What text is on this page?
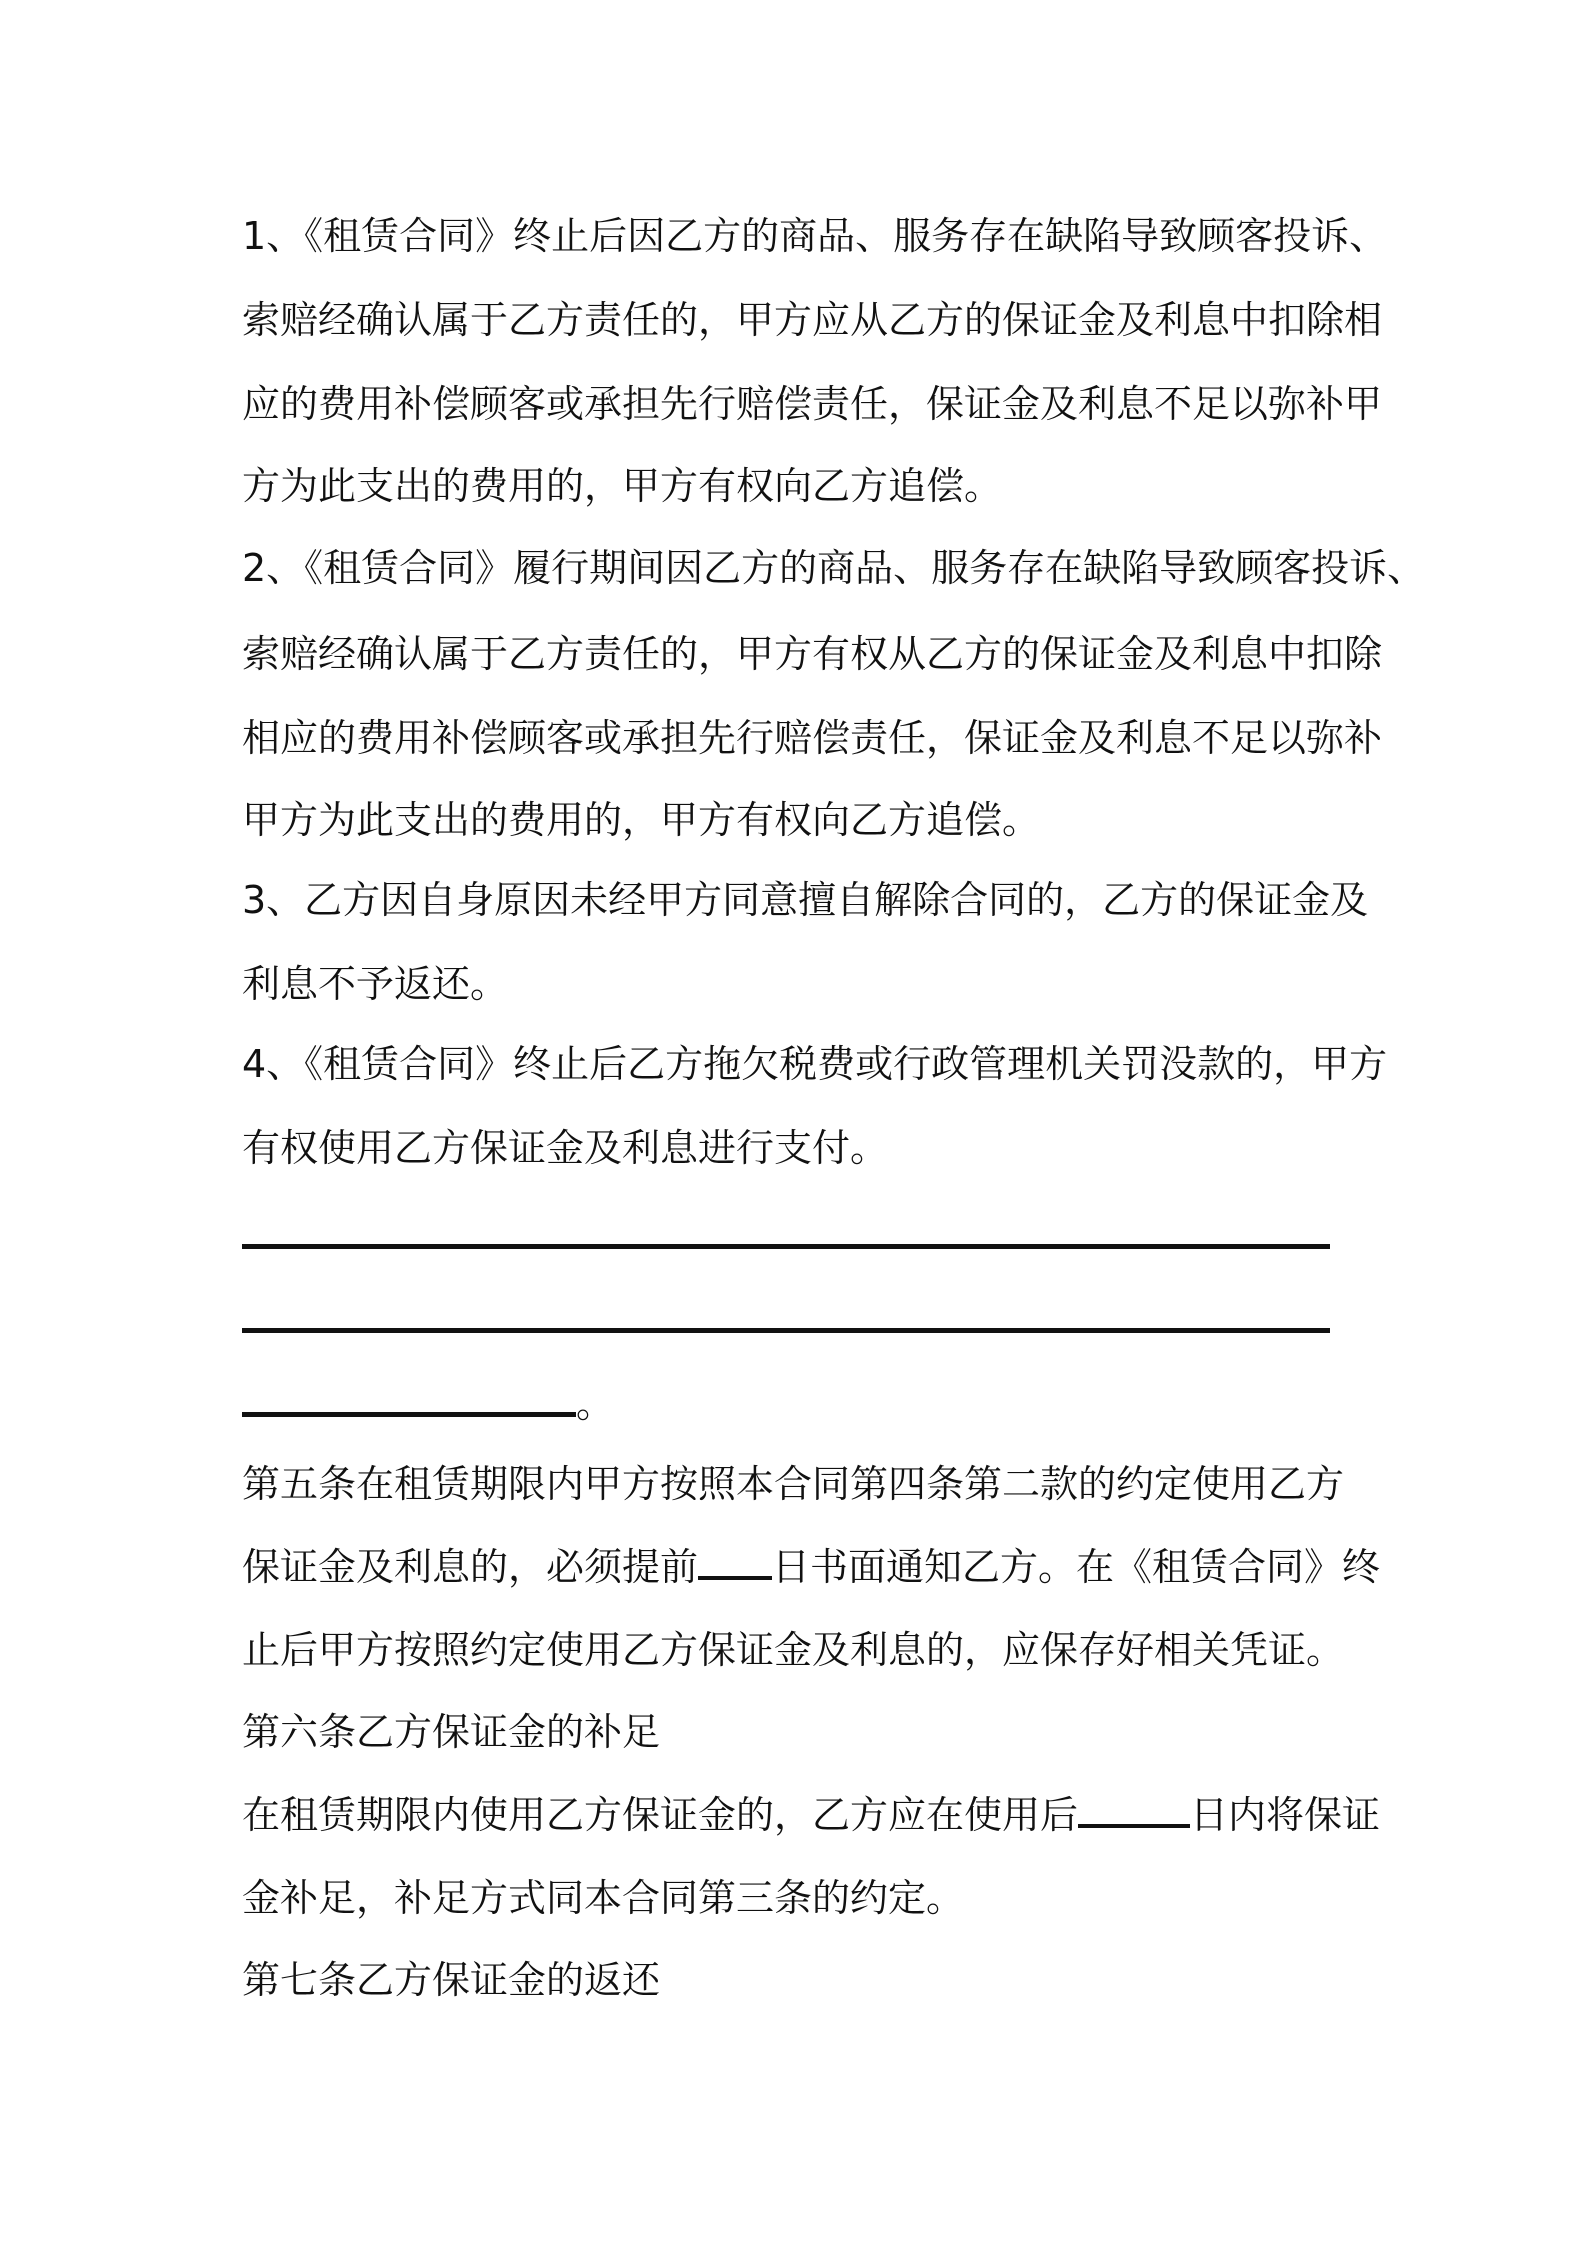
1、《租赁合同》终止后因乙方的商品、服务存在缺陷导致顾客投诉、
索赔经确认属于乙方责任的，甲方应从乙方的保证金及利息中扣除相
应的费用补偿顾客或承担先行赔偿责任，保证金及利息不足以弥补甲
方为此支出的费用的，甲方有权向乙方追偿。
2、《租赁合同》履行期间因乙方的商品、服务存在缺陷导致顾客投诉、
索赔经确认属于乙方责任的，甲方有权从乙方的保证金及利息中扣除
相应的费用补偿顾客或承担先行赔偿责任，保证金及利息不足以弥补
甲方为此支出的费用的，甲方有权向乙方追偿。
3、乙方因自身原因未经甲方同意擅自解除合同的，乙方的保证金及
利息不予返还。
4、《租赁合同》终止后乙方拖欠税费或行政管理机关罚没款的，甲方
有权使用乙方保证金及利息进行支付。
。
第五条在租赁期限内甲方按照本合同第四条第二款的约定使用乙方
保证金及利息的，必须提前 日书面通知乙方。在《租赁合同》终
止后甲方按照约定使用乙方保证金及利息的，应保存好相关凭证。
第六条乙方保证金的补足
在租赁期限内使用乙方保证金的，乙方应在使用后	日内将保证
金补足，补足方式同本合同第三条的约定。
第七条乙方保证金的返还
